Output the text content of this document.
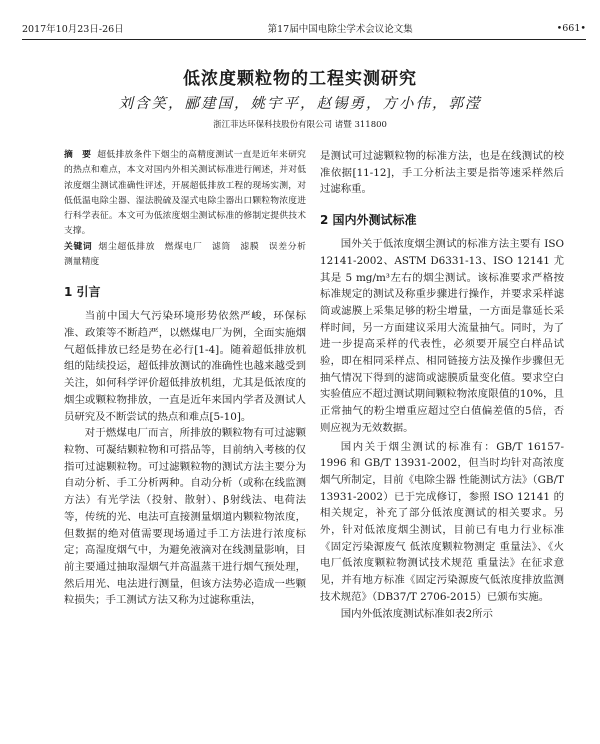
2017年10月23日-26日	第17届中国电除尘学术会议论文集	•661•
低浓度颗粒物的工程实测研究
刘含笑，郦建国，姚宇平，赵锡勇，方小伟，郭滢
浙江菲达环保科技股份有限公司 诸暨 311800
摘　要 超低排放条件下烟尘的高精度测试一直是近年来研究的热点和难点，本文对国内外相关测试标准进行阐述，并对低浓度烟尘测试准确性评述，开展超低排放工程的现场实测，对低低温电除尘器、湿法脱硫及湿式电除尘器出口颗粒物浓度进行科学表征。本文可为低浓度烟尘测试标准的修制定提供技术支撑。
关键词 烟尘超低排放　燃煤电厂　滤筒　滤膜　误差分析　测量精度
1 引言

当前中国大气污染环境形势依然严峻，环保标准、政策等不断趋严，以燃煤电厂为例，全面实施烟气超低排放已经是势在必行[1-4]。随着超低排放机组的陆续投运，超低排放测试的准确性也越来越受到关注，如何科学评价超低排放机组，尤其是低浓度的烟尘或颗粒物排放，一直是近年来国内学者及测试人员研究及不断尝试的热点和难点[5-10]。

对于燃煤电厂而言，所排放的颗粒物有可过滤颗粒物、可凝结颗粒物和可搭品等，目前纳入考核的仅指可过滤颗粒物。可过滤颗粒物的测试方法主要分为自动分析、手工分析两种。自动分析（或称在线监测方法）有光学法（投射、散射）、β射线法、电荷法等，传统的光、电法可直接测量烟道内颗粒物浓度，但数据的绝对值需要现场通过手工方法进行浓度标定；高湿度烟气中，为避免液滴对在线测量影响，目前主要通过抽取湿烟气并高温蒸干进行烟气预处理，然后用光、电法进行测量，但该方法势必造成一些颗粒损失；手工测试方法又称为过滤称重法，

是测试可过滤颗粒物的标准方法，也是在线测试的校准依据[11-12]，手工分析法主要是指等速采样然后过滤称重。

2 国内外测试标准

国外关于低浓度烟尘测试的标准方法主要有 ISO 12141-2002、ASTM D6331-13、ISO 12141 尤其是 5 mg/m³左右的烟尘测试。该标准要求严格按标准规定的测试及称重步骤进行操作，并要求采样滤筒或滤膜上采集足够的粉尘增量，一方面是靠延长采样时间，另一方面建议采用大流量抽气。同时，为了进一步提高采样的代表性，必须要开展空白样品试验，即在相同采样点、相同链接方法及操作步骤但无抽气情况下得到的滤筒或滤膜质量变化值。要求空白实验值应不超过测试期间颗粒物浓度限值的10%，且正常抽气的粉尘增重应超过空白值偏差值的5倍，否则应视为无效数据。

国内关于烟尘测试的标准有：GB/T 16157-1996 和 GB/T 13931-2002，但当时均针对高浓度烟气所制定，目前《电除尘器 性能测试方法》（GB/T 13931-2002）已于完成修订，参照 ISO 12141 的相关规定，补充了部分低浓度测试的相关要求。另外，针对低浓度烟尘测试，目前已有电力行业标准《固定污染源废气 低浓度颗粒物测定 重量法》、《火电厂低浓度颗粒物测试技术规范 重量法》在征求意见，并有地方标准《固定污染源废气低浓度排放监测技术规范》（DB37/T 2706-2015）已颁布实施。

国内外低浓度测试标准如表2所示
